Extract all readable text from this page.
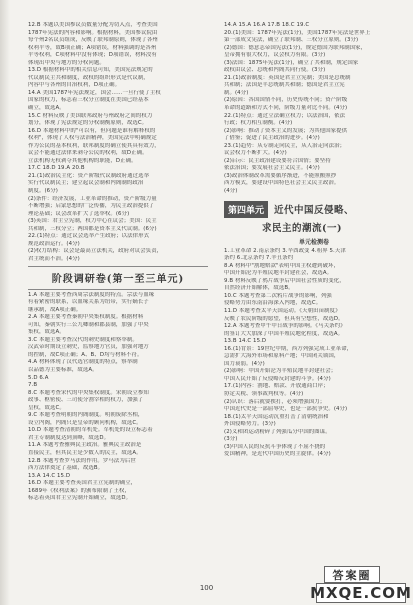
12.B 本题以美国参议员数量分配为切入点，考查美国
1787年宪法的内容和影响。根据材料，美国参议院由
每个州2名议员组成，反映了联邦制原则，体现了各州
权利平等，故B项正确；A项错误，材料强调的是各州
平等权利，C项材料中没有体现；D项错误，材料没有
体现出中央与地方的分权问题。
13.D 根据材料中的相关信息可知，美国宪法规定的
代议制民主共和制度，政权的组织形式是代议制，
内容中与各州的自治权利，D项正确。
14.A 美国1787年宪法规定，国会……一旦行使了主权
国家的权力，标志着三权分立制度在美国已经基本
确立，故选A。
15.C 材料反映了美国联邦政府与州政府之间的权力
划分，体现了宪法规定的分权制衡原则，故选C。
16.D 本题材料中的"可以有，但问题是谁有解释权的
权利"，体现了人权与法治精神，美国宪法中明确规定
作为公民的基本权利，联邦制度的确立使其具有效力，
议会不能通过法律来剥夺公民的权利，故D正确。
立法机构无权剥夺其他机构的职能，D正确。
17.C 18.D 19.A 20.B
21.(1)政治民主化：资产阶级代议制政府通过选举
实行代议制民主；建立起议会制和内阁制的政治
制度。(6分)
(2)条件：经济发展，工业革命的推动，资产阶级力量
不断增强；启蒙思想的广泛传播，为民主政治提供了
理论基础；议会改革扩大了选举权。(6分)
(3)英国：君主立宪制，权力中心在议会；美国：民主
共和制，三权分立；两国都是资本主义代议制。(6分)
22.(1)特点：通过议会选举产生政府；以法律形式
规范政治运行。(4分)
(2)权力结构：议会是最高立法机关，政府对议会负责，
君主统而不治。(4分)
阶段调研卷(第一至三单元)
1.A 本题主要考查西周宗法制度的特点。宗法与血缘
有着紧密的联系，以血缘关系为纽带，实行嫡长子
继承制，故A项正确。
2.A 本题主要考查秦朝中央集权制度。根据材料
可知，秦朝实行三公九卿制和郡县制，加强了中央
集权，故选A。
3.C 本题主要考查汉代的刺史制度和察举制。
汉武帝时期设立刺史，监察地方官员，加强对地方
的控制，故C项正确；A、B、D均与材料不符。
4.A 材料体现了汉代选官制度的特点，察举制
以品德为主要标准，故选A。
5.D 6.A
7.B
8.C 本题考查宋代的中央集权制度。宋朝设立参知
政事、枢密使、三司使分割宰相的权力，加强了
皇权，故选C。
9.C 本题考查明朝的内阁制度。明朝废除丞相，
设立内阁，内阁只是皇帝的顾问机构，故选C。
10.D 本题考查清朝的军机处。军机处的设立标志着
君主专制制度达到顶峰，故选D。
11.A 本题考查雅典民主政治。雅典民主政治是
直接民主，但其民主是少数人的民主，故选A。
12.B 本题考查罗马法的作用。罗马法为后世
西方法律奠定了基础，故选B。
13.A 14.C 15.D
16.D 本题主要考查英国君主立宪制的确立，
1689年《权利法案》的颁布限制了王权，
标志着英国君主立宪制开始确立，故选D。
14.A 15.A 16.A 17.B 18.C 19.C
20.(1)美国：1787年宪法(1分)，美国1787年宪法是世界上
第一部成文宪法，确立了联邦制、三权分立原则。(3分)
(2)德国：德意志帝国宪法(1分)，规定德国为联邦制国家，
皇帝拥有很大权力，议会权力有限。(3分)
(3)法国：1875年宪法(1分)，确立了共和制，规定国家
政权由议会、总统和内阁共同行使。(3分)
21.(1)政治制度：英国是君主立宪制；美国是总统制
共和制；法国是半总统制共和制；德国是君主立宪
制。(4分)
(2)原因：各国国情不同，历史传统不同；资产阶级
革命的道路和方式不同，阶级力量对比不同。(4分)
22.(1)特点：通过立法确立权力；以法治国，依法
行政；权力相互制衡。(4分)
(2)影响：推动了资本主义的发展；为其他国家提供
了借鉴；促进了民主政治的进步。(4分)
23.(1)趋势：从专制走向民主，从人治走向法治；
议会权力不断扩大。(4分)
(2)启示：民主政治建设要符合国情；要坚持
依法治国；要发展社会主义民主。(4分)
(3)政治体制改革需要循序渐进，不能照搬照抄
西方模式，要建设中国特色社会主义民主政治。
(4分)
第四单元	近代中国反侵略、
求民主的潮流(一)
单元检测卷
1.工业革命 2.南京条约 3.辛酉政变 4.租界 5.天津
条约 6.北京条约 7.辛丑条约
8.A 材料中"割地赔款"表明中国主权遭到破坏，
中国开始沦为半殖民地半封建社会，故选A。
9.B 材料反映了鸦片战争后中国社会性质的变化，
自然经济开始解体，故选B。
10.C 本题考查第二次鸦片战争的影响，列强
侵略势力由东南沿海深入内地，故选C。
11.D 本题考查太平天国运动。《天朝田亩制度》
反映了农民阶级的愿望，但具有空想性，故选D。
12.A 本题考查甲午中日战争的影响。《马关条约》
的签订大大加深了中国半殖民地化程度，故选A。
13.B 14.C 15.D
16.(1)背景：19世纪中期，西方列强完成工业革命，
急需扩大海外市场和原料产地；中国闭关锁国，
国力衰弱。(4分)
(2)影响：中国开始沦为半殖民地半封建社会；
中国人民开始了反侵略反封建的斗争。(4分)
17.(1)内容：割地、赔款、开放通商口岸；
协定关税、领事裁判权等。(4分)
(2)认识：落后就要挨打，必须增强国力；
中国近代史是一部屈辱史，也是一部抗争史。(4分)
18.(1)太平天国运动沉重打击了清朝统治和
外国侵略势力。(3分)
(2)义和团运动粉碎了列强瓜分中国的图谋。
(3分)
(3)中国人民的反抗斗争体现了不屈不挠的
爱国精神，是近代中国历史的主旋律。(4分)
100
答案圈
MXQE.COM
